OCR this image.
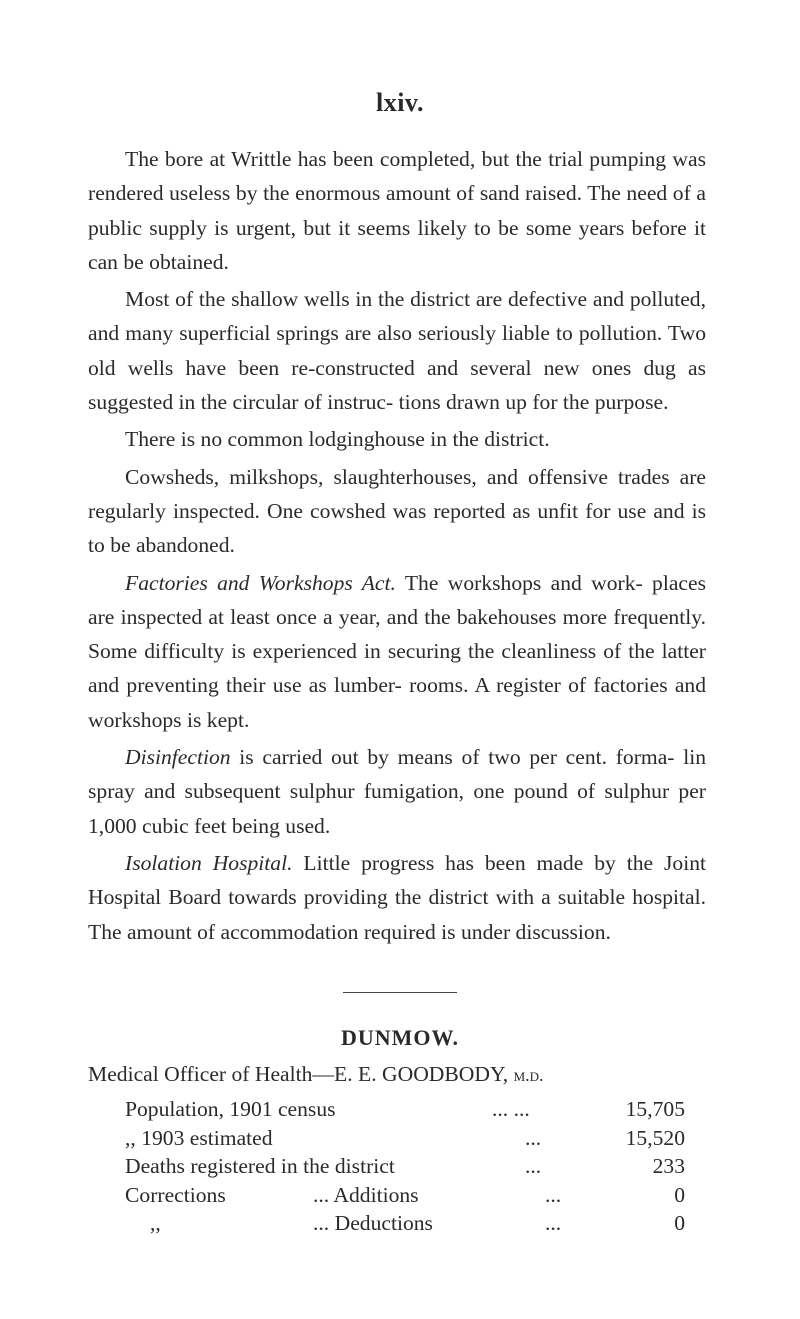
lxiv.

The bore at Writtle has been completed, but the trial pumping was rendered useless by the enormous amount of sand raised. The need of a public supply is urgent, but it seems likely to be some years before it can be obtained.

Most of the shallow wells in the district are defective and polluted, and many superficial springs are also seriously liable to pollution. Two old wells have been re-constructed and several new ones dug as suggested in the circular of instruc- tions drawn up for the purpose.

There is no common lodginghouse in the district.

Cowsheds, milkshops, slaughterhouses, and offensive trades are regularly inspected. One cowshed was reported as unfit for use and is to be abandoned.

Factories and Workshops Act. The workshops and work- places are inspected at least once a year, and the bakehouses more frequently. Some difficulty is experienced in securing the cleanliness of the latter and preventing their use as lumber- rooms. A register of factories and workshops is kept.

Disinfection is carried out by means of two per cent. forma- lin spray and subsequent sulphur fumigation, one pound of sulphur per 1,000 cubic feet being used.

Isolation Hospital. Little progress has been made by the Joint Hospital Board towards providing the district with a suitable hospital. The amount of accommodation required is under discussion.

DUNMOW.
Medical Officer of Health—E. E. GOODBODY, m.d.
Population, 1901 census	... ...	15,705
,, 1903 estimated	...	15,520
Deaths registered in the district	...	233
Corrections	... Additions	...	0
,,	... Deductions	...	0
